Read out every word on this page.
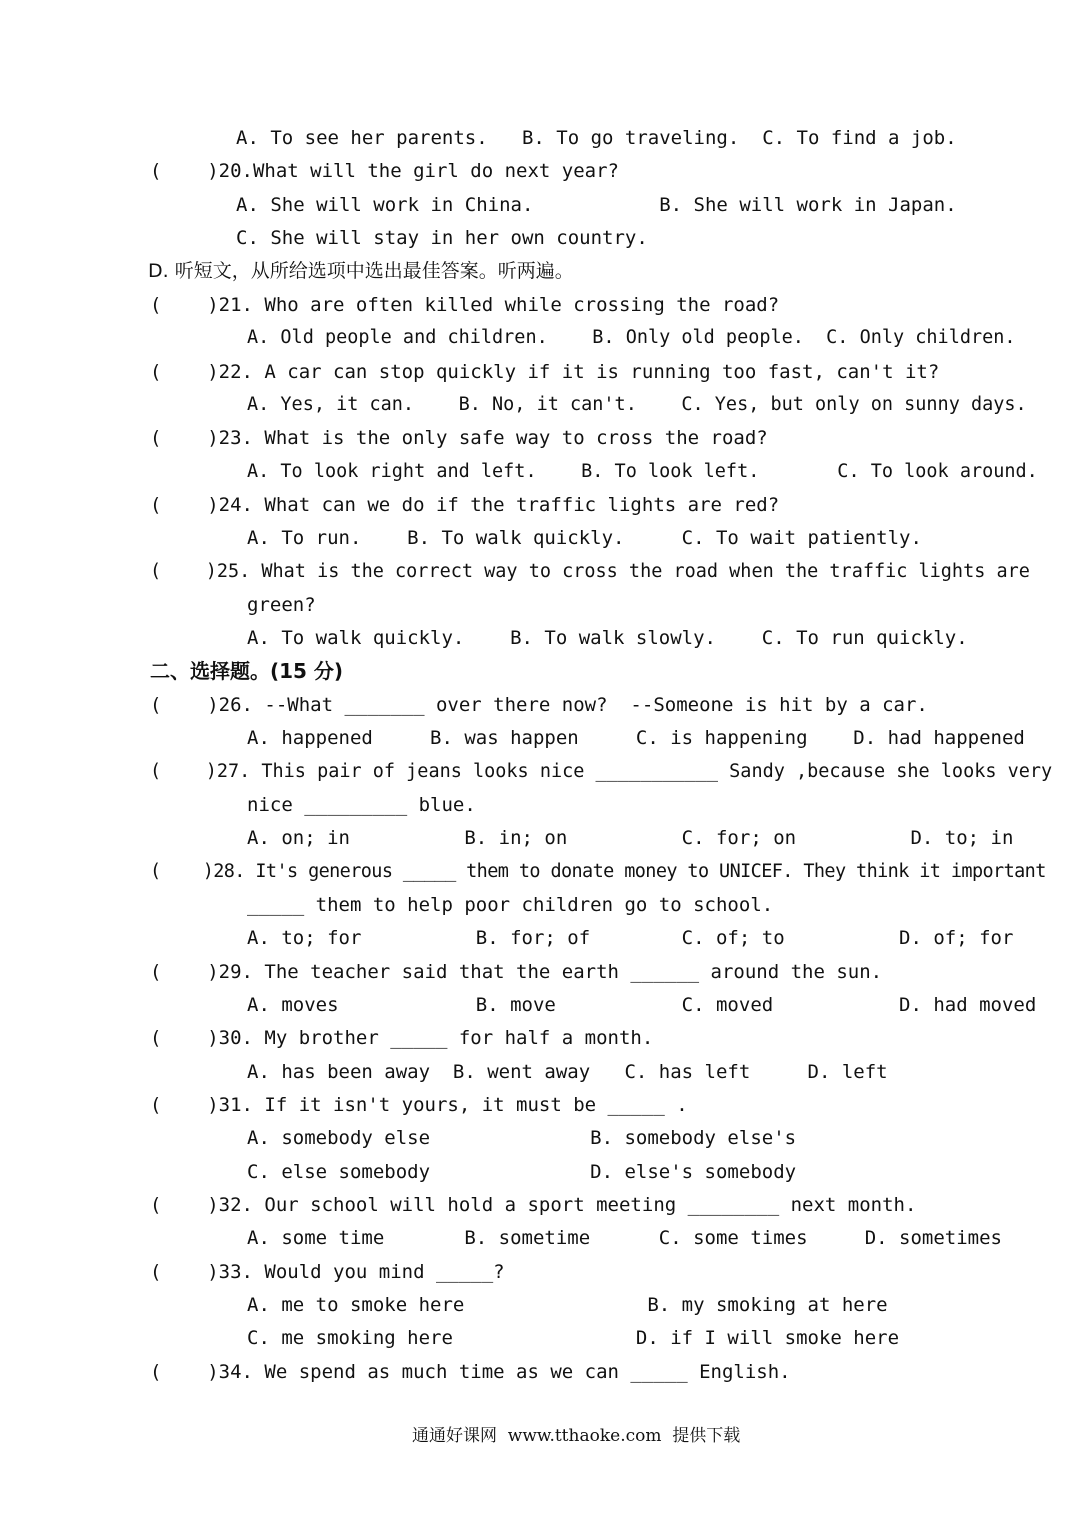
A. To see her parents.   B. To go traveling.  C. To find a job.
(    )20.What will the girl do next year?
A. She will work in China.           B. She will work in Japan.
C. She will stay in her own country.
D. 听短文，从所给选项中选出最佳答案。听两遍。
(    )21. Who are often killed while crossing the road?
A. Old people and children.    B. Only old people.  C. Only children.
(    )22. A car can stop quickly if it is running too fast, can't it?
A. Yes, it can.    B. No, it can't.    C. Yes, but only on sunny days.
(    )23. What is the only safe way to cross the road?
A. To look right and left.    B. To look left.       C. To look around.
(    )24. What can we do if the traffic lights are red?
A. To run.    B. To walk quickly.     C. To wait patiently.
(    )25. What is the correct way to cross the road when the traffic lights are
green?
A. To walk quickly.    B. To walk slowly.    C. To run quickly.
二、选择题。(15 分)
(    )26. --What _______ over there now?  --Someone is hit by a car.
A. happened     B. was happen     C. is happening    D. had happened
(    )27. This pair of jeans looks nice ___________ Sandy ,because she looks very
nice _________ blue.
A. on; in          B. in; on          C. for; on          D. to; in
(    )28. It's generous _____ them to donate money to UNICEF. They think it important
_____ them to help poor children go to school.
A. to; for          B. for; of        C. of; to          D. of; for
(    )29. The teacher said that the earth ______ around the sun.
A. moves            B. move           C. moved           D. had moved
(    )30. My brother _____ for half a month.
A. has been away  B. went away   C. has left     D. left
(    )31. If it isn't yours, it must be _____ .
A. somebody else              B. somebody else's
C. else somebody              D. else's somebody
(    )32. Our school will hold a sport meeting ________ next month.
A. some time       B. sometime      C. some times     D. sometimes
(    )33. Would you mind _____?
A. me to smoke here                B. my smoking at here
C. me smoking here                D. if I will smoke here
(    )34. We spend as much time as we can _____ English.
通通好课网  www.tthaoke.com  提供下载
